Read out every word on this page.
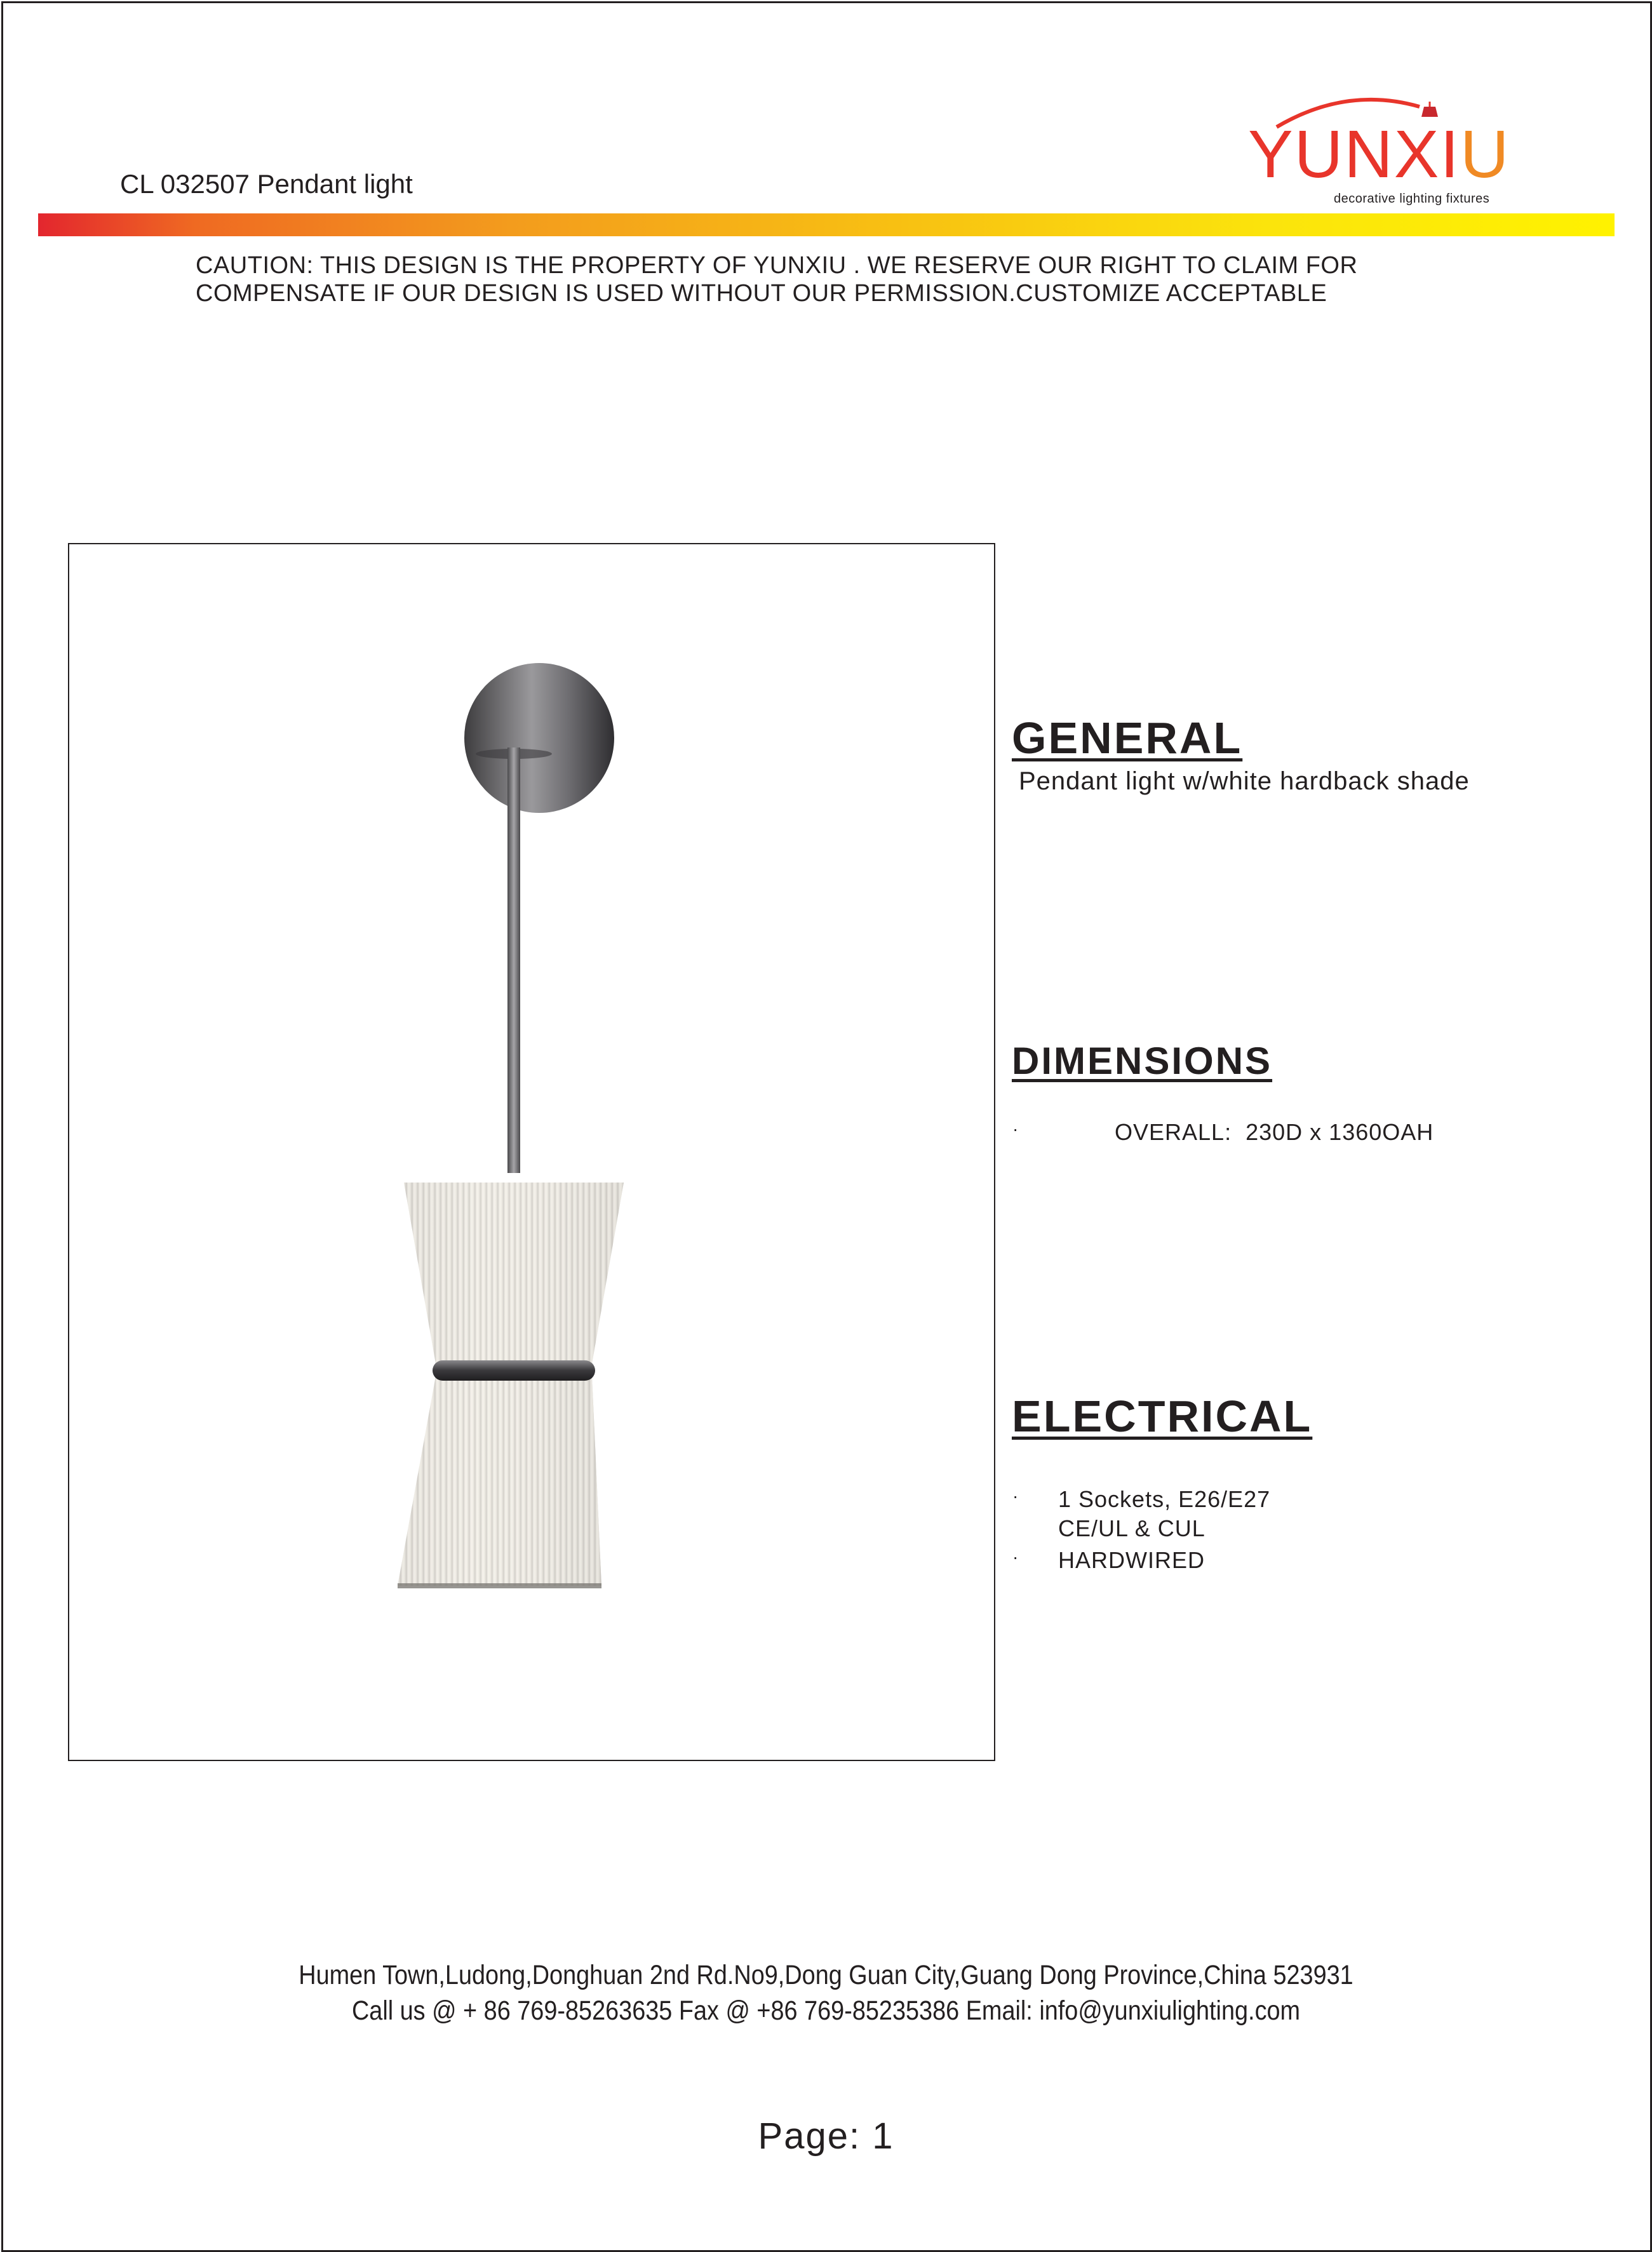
CL 032507 Pendant light	YUNXIU
decorative lighting fixtures
CAUTION: THIS DESIGN IS THE PROPERTY OF YUNXIU . WE RESERVE OUR RIGHT TO CLAIM FOR
COMPENSATE IF OUR DESIGN IS USED WITHOUT OUR PERMISSION.CUSTOMIZE ACCEPTABLE
GENERAL
Pendant light w/white hardback shade
DIMENSIONS
·	OVERALL: 230D x 1360OAH
ELECTRICAL
· 1 Sockets, E26/E27
CE/UL & CUL
· HARDWIRED
Humen Town,Ludong,Donghuan 2nd Rd.No9,Dong Guan City,Guang Dong Province,China 523931
Call us @ + 86 769-85263635 Fax @ +86 769-85235386 Email: info@yunxiulighting.com
Page: 1
